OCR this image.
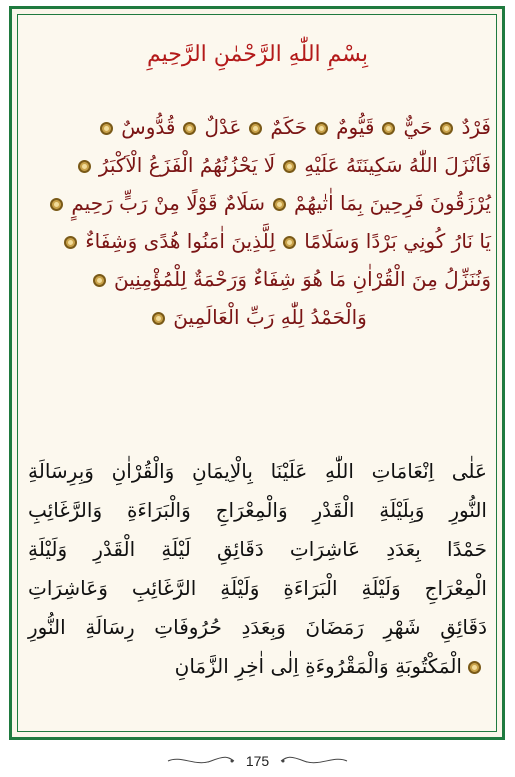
بِسْمِ اللّٰهِ الرَّحْمٰنِ الرَّحِيمِ
فَرْدٌحَيٌّقَيُّومٌحَكَمٌعَدْلٌقُدُّوسٌ
فَاَنْزَلَ اللّٰهُ سَكِينَتَهُ عَلَيْهِلَا يَحْزُنُهُمُ الْفَزَعُ الْاَكْبَرُ
يُرْزَقُونَ فَرِحِينَ بِمَا اٰتٰيهُمْسَلَامٌ قَوْلًا مِنْ رَبٍّ رَحِيمٍ
يَا نَارُ كُونِي بَرْدًا وَسَلَامًالِلَّذِينَ اٰمَنُوا هُدًى وَشِفَاءٌ
وَنُنَزِّلُ مِنَ الْقُرْاٰنِ مَا هُوَ شِفَاءٌ وَرَحْمَةٌ لِلْمُؤْمِنِينَ
وَالْحَمْدُ لِلّٰهِ رَبِّ الْعَالَمِينَ
عَلٰى اِنْعَامَاتِ اللّٰهِ عَلَيْنَا بِالْاِيمَانِ وَالْقُرْاٰنِ وَبِرِسَالَةِ
النُّورِ وَبِلَيْلَةِ الْقَدْرِ وَالْمِعْرَاجِ وَالْبَرَاءَةِ وَالرَّغَائِبِ
حَمْدًا بِعَدَدِ عَاشِرَاتِ دَقَائِقِ لَيْلَةِ الْقَدْرِ وَلَيْلَةِ
الْمِعْرَاجِ وَلَيْلَةِ الْبَرَاءَةِ وَلَيْلَةِ الرَّغَائِبِ وَعَاشِرَاتِ
دَقَائِقِ شَهْرِ رَمَضَانَ وَبِعَدَدِ حُرُوفَاتِ رِسَالَةِ النُّورِ
الْمَكْتُوبَةِ وَالْمَقْرُوءَةِ اِلٰى اٰخِرِ الزَّمَانِ
175
